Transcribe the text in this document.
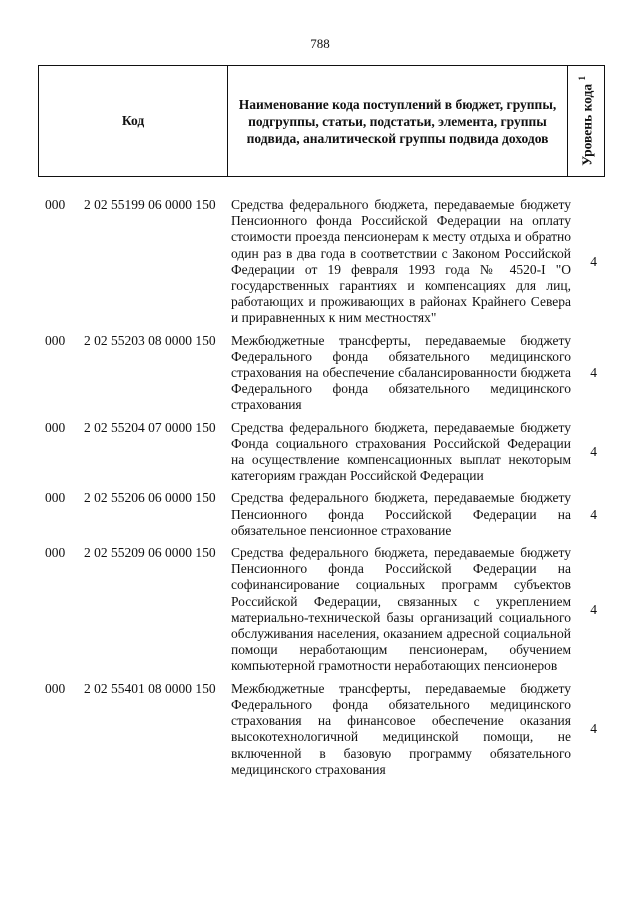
788
Код
Наименование кода поступлений в бюджет, группы, подгруппы, статьи, подстатьи, элемента, группы подвида, аналитической группы подвида доходов	Уровень кода $^1$
000 2 02 55199 06 0000 150 Средства федерального бюджета, передаваемые бюджету Пенсионного фонда Российской Федерации на оплату стоимости проезда пенсионерам к месту отдыха и обратно один раз в два года в соответствии с Законом Российской Федерации от 19 февраля 1993 года № 4520-I "О государственных гарантиях и компенсациях для лиц, работающих и проживающих в районах Крайнего Севера и приравненных к ним местностях"
4
000 2 02 55203 08 0000 150 Межбюджетные трансферты, передаваемые бюджету Федерального фонда обязательного медицинского страхования на обеспечение сбалансированности бюджета Федерального фонда обязательного медицинского страхования
4
000 2 02 55204 07 0000 150 Средства федерального бюджета, передаваемые бюджету Фонда социального страхования Российской Федерации на осуществление компенсационных выплат некоторым категориям граждан Российской Федерации
4
000 2 02 55206 06 0000 150 Средства федерального бюджета, передаваемые бюджету Пенсионного фонда Российской Федерации на обязательное пенсионное страхование
4
000 2 02 55209 06 0000 150 Средства федерального бюджета, передаваемые бюджету Пенсионного фонда Российской Федерации на софинансирование социальных программ субъектов Российской Федерации, связанных с укреплением материально-технической базы организаций социального обслуживания населения, оказанием адресной социальной помощи неработающим пенсионерам, обучением компьютерной грамотности неработающих пенсионеров
4
000 2 02 55401 08 0000 150 Межбюджетные трансферты, передаваемые бюджету Федерального фонда обязательного медицинского страхования на финансовое обеспечение оказания высокотехнологичной медицинской помощи, не включенной в базовую программу обязательного медицинского страхования
4
